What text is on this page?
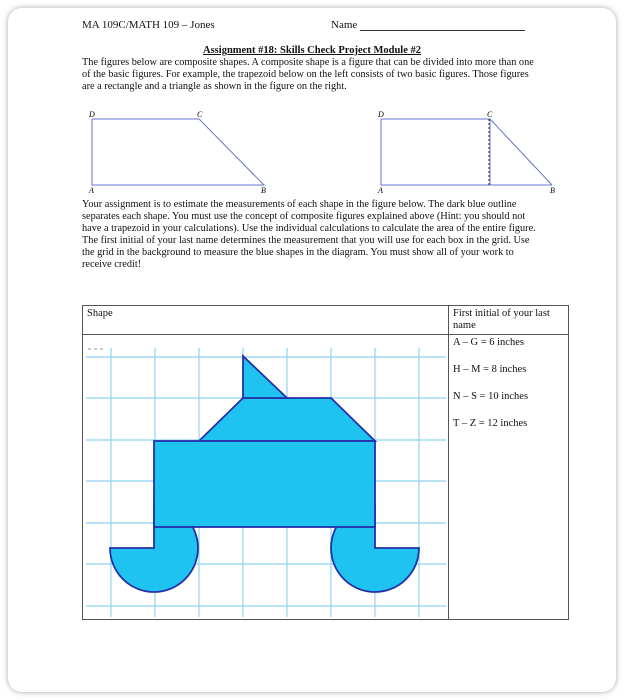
MA 109C/MATH 109 – Jones	Name
Assignment #18: Skills Check Project Module #2
The figures below are composite shapes. A composite shape is a figure that can be divided into more than one of the basic figures. For example, the trapezoid below on the left consists of two basic figures. Those figures are a rectangle and a triangle as shown in the figure on the right.
D	C
A	B
D	C
A	B
Your assignment is to estimate the measurements of each shape in the figure below. The dark blue outline separates each shape. You must use the concept of composite figures explained above (Hint: you should not have a trapezoid in your calculations). Use the individual calculations to calculate the area of the entire figure. The first initial of your last name determines the measurement that you will use for each box in the grid. Use the grid in the background to measure the blue shapes in the diagram. You must show all of your work to receive credit!
Shape	First initial of your last name
A – G = 6 inches
H – M = 8 inches
N – S = 10 inches
T – Z = 12 inches
